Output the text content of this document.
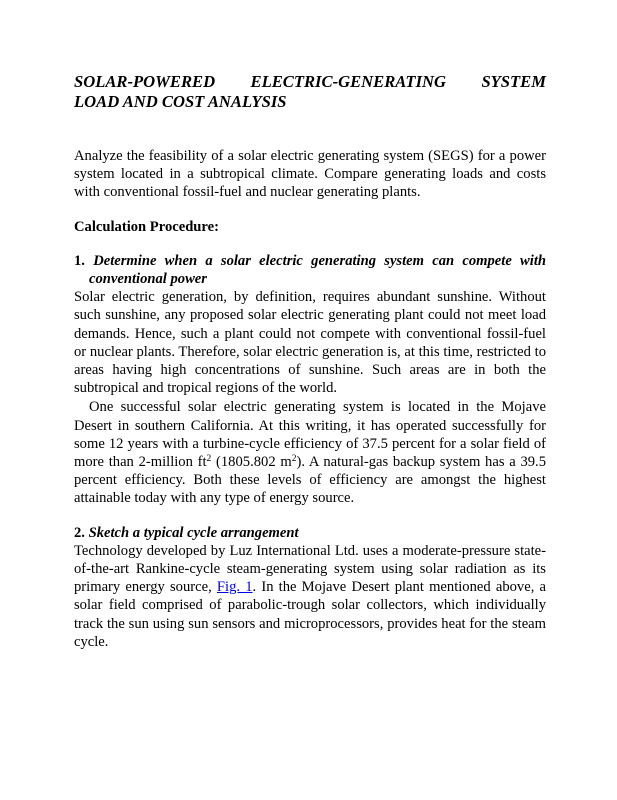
SOLAR-POWERED ELECTRIC-GENERATING SYSTEM
LOAD AND COST ANALYSIS

Analyze the feasibility of a solar electric generating system (SEGS) for a power system located in a subtropical climate. Compare generating loads and costs with conventional fossil-fuel and nuclear generating plants.

Calculation Procedure:

1. Determine when a solar electric generating system can compete with conventional power

Solar electric generation, by definition, requires abundant sunshine. Without such sunshine, any proposed solar electric generating plant could not meet load demands. Hence, such a plant could not compete with conventional fossil-fuel or nuclear plants. Therefore, solar electric generation is, at this time, restricted to areas having high concentrations of sunshine. Such areas are in both the subtropical and tropical regions of the world.

One successful solar electric generating system is located in the Mojave Desert in southern California. At this writing, it has operated successfully for some 12 years with a turbine-cycle efficiency of 37.5 percent for a solar field of more than 2-million $ft^2$ (1805.802 $m^2$). A natural-gas backup system has a 39.5 percent efficiency. Both these levels of efficiency are amongst the highest attainable today with any type of energy source.

2. Sketch a typical cycle arrangement

Technology developed by Luz International Ltd. uses a moderate-pressure state-of-the-art Rankine-cycle steam-generating system using solar radiation as its primary energy source, Fig. 1. In the Mojave Desert plant mentioned above, a solar field comprised of parabolic-trough solar collectors, which individually track the sun using sun sensors and microprocessors, provides heat for the steam cycle.
